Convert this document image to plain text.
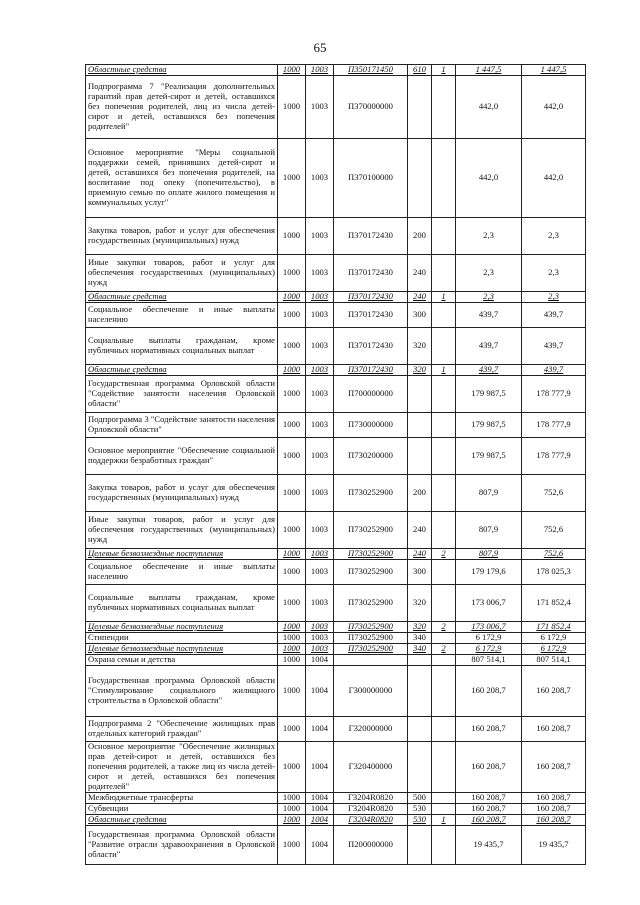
65
Областные средства	1000	1003	П350171450	610	1	1 447,5	1 447,5
Подпрограмма 7 "Реализация дополнительных гарантий прав детей-сирот и детей, оставшихся без попечения родителей, лиц из числа детей-сирот и детей, оставшихся без попечения родителей"	1000	1003	П370000000			442,0	442,0
Основное мероприятие "Меры социальной поддержки семей, принявших детей-сирот и детей, оставшихся без попечения родителей, на воспитание под опеку (попечительство), в приемную семью по оплате жилого помещения и коммунальных услуг"	1000	1003	П370100000			442,0	442,0
Закупка товаров, работ и услуг для обеспечения государственных (муниципальных) нужд	1000	1003	П370172430	200		2,3	2,3
Иные закупки товаров, работ и услуг для обеспечения государственных (муниципальных) нужд	1000	1003	П370172430	240		2,3	2,3
Областные средства	1000	1003	П370172430	240	1	2,3	2,3
Социальное обеспечение и иные выплаты населению	1000	1003	П370172430	300		439,7	439,7
Социальные выплаты гражданам, кроме публичных нормативных социальных выплат	1000	1003	П370172430	320		439,7	439,7
Областные средства	1000	1003	П370172430	320	1	439,7	439,7
Государственная программа Орловской области "Содействие занятости населения Орловской области"	1000	1003	П700000000			179 987,5	178 777,9
Подпрограмма 3 "Содействие занятости населения Орловской области"	1000	1003	П730000000			179 987,5	178 777,9
Основное мероприятие "Обеспечение социальной поддержки безработных граждан"	1000	1003	П730200000			179 987,5	178 777,9
Закупка товаров, работ и услуг для обеспечения государственных (муниципальных) нужд	1000	1003	П730252900	200		807,9	752,6
Иные закупки товаров, работ и услуг для обеспечения государственных (муниципальных) нужд	1000	1003	П730252900	240		807,9	752,6
Целевые безвозмездные поступления	1000	1003	П730252900	240	2	807,9	752,6
Социальное обеспечение и иные выплаты населению	1000	1003	П730252900	300		179 179,6	178 025,3
Социальные выплаты гражданам, кроме публичных нормативных социальных выплат	1000	1003	П730252900	320		173 006,7	171 852,4
Целевые безвозмездные поступления	1000	1003	П730252900	320	2	173 006,7	171 852,4
Стипендии	1000	1003	П730252900	340		6 172,9	6 172,9
Целевые безвозмездные поступления	1000	1003	П730252900	340	2	6 172,9	6 172,9
Охрана семьи и детства	1000	1004				807 514,1	807 514,1
Государственная программа Орловской области "Стимулирование социального жилищного строительства в Орловской области"	1000	1004	Г300000000			160 208,7	160 208,7
Подпрограмма 2 "Обеспечение жилищных прав отдельных категорий граждан"	1000	1004	Г320000000			160 208,7	160 208,7
Основное мероприятие "Обеспечение жилищных прав детей-сирот и детей, оставшихся без попечения родителей, а также лиц из числа детей-сирот и детей, оставшихся без попечения родителей"	1000	1004	Г320400000			160 208,7	160 208,7
Межбюджетные трансферты	1000	1004	Г3204R0820	500		160 208,7	160 208,7
Субвенции	1000	1004	Г3204R0820	530		160 208,7	160 208,7
Областные средства	1000	1004	Г3204R0820	530	1	160 208,7	160 208,7
Государственная программа Орловской области "Развитие отрасли здравоохранения в Орловской области"	1000	1004	П200000000			19 435,7	19 435,7
